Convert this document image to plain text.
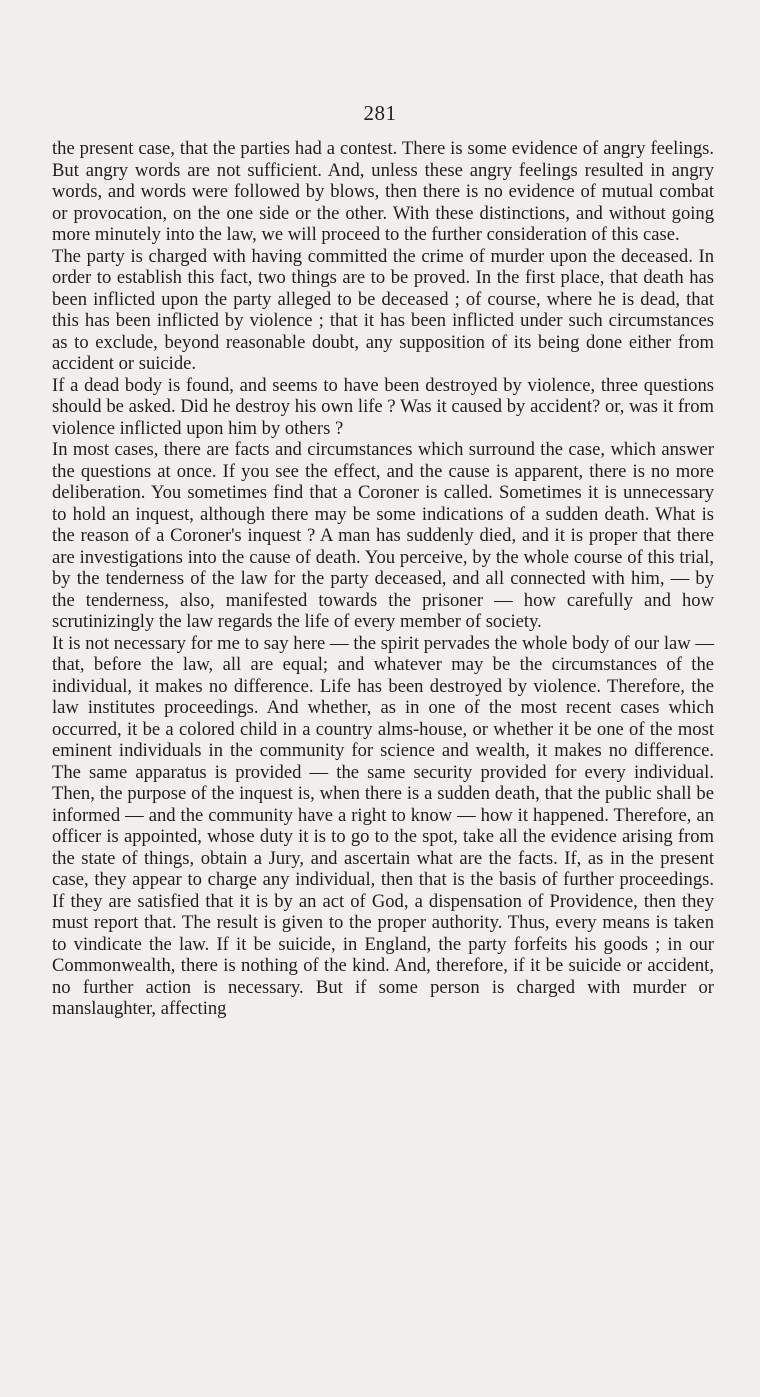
281

the present case, that the parties had a contest. There is some evidence of angry feelings. But angry words are not sufficient. And, unless these angry feelings resulted in angry words, and words were followed by blows, then there is no evidence of mutual combat or provocation, on the one side or the other. With these distinctions, and without going more minutely into the law, we will proceed to the further consideration of this case.

The party is charged with having committed the crime of murder upon the deceased. In order to establish this fact, two things are to be proved. In the first place, that death has been inflicted upon the party alleged to be deceased ; of course, where he is dead, that this has been inflicted by violence ; that it has been inflicted under such circumstances as to exclude, beyond reasonable doubt, any supposition of its being done either from accident or suicide.

If a dead body is found, and seems to have been destroyed by violence, three questions should be asked. Did he destroy his own life ? Was it caused by accident? or, was it from violence inflicted upon him by others ?

In most cases, there are facts and circumstances which surround the case, which answer the questions at once. If you see the effect, and the cause is apparent, there is no more deliberation. You sometimes find that a Coroner is called. Sometimes it is unnecessary to hold an inquest, although there may be some indications of a sudden death. What is the reason of a Coroner's inquest ? A man has suddenly died, and it is proper that there are investigations into the cause of death. You perceive, by the whole course of this trial, by the tenderness of the law for the party deceased, and all connected with him, — by the tenderness, also, manifested towards the prisoner — how carefully and how scrutinizingly the law regards the life of every member of society.

It is not necessary for me to say here — the spirit pervades the whole body of our law — that, before the law, all are equal; and whatever may be the circumstances of the individual, it makes no difference. Life has been destroyed by violence. Therefore, the law institutes proceedings. And whether, as in one of the most recent cases which occurred, it be a colored child in a country alms-house, or whether it be one of the most eminent individuals in the community for science and wealth, it makes no difference. The same apparatus is provided — the same security provided for every individual. Then, the purpose of the inquest is, when there is a sudden death, that the public shall be informed — and the community have a right to know — how it happened. Therefore, an officer is appointed, whose duty it is to go to the spot, take all the evidence arising from the state of things, obtain a Jury, and ascertain what are the facts. If, as in the present case, they appear to charge any individual, then that is the basis of further proceedings. If they are satisfied that it is by an act of God, a dispensation of Providence, then they must report that. The result is given to the proper authority. Thus, every means is taken to vindicate the law. If it be suicide, in England, the party forfeits his goods ; in our Commonwealth, there is nothing of the kind. And, therefore, if it be suicide or accident, no further action is necessary. But if some person is charged with murder or manslaughter, affecting
